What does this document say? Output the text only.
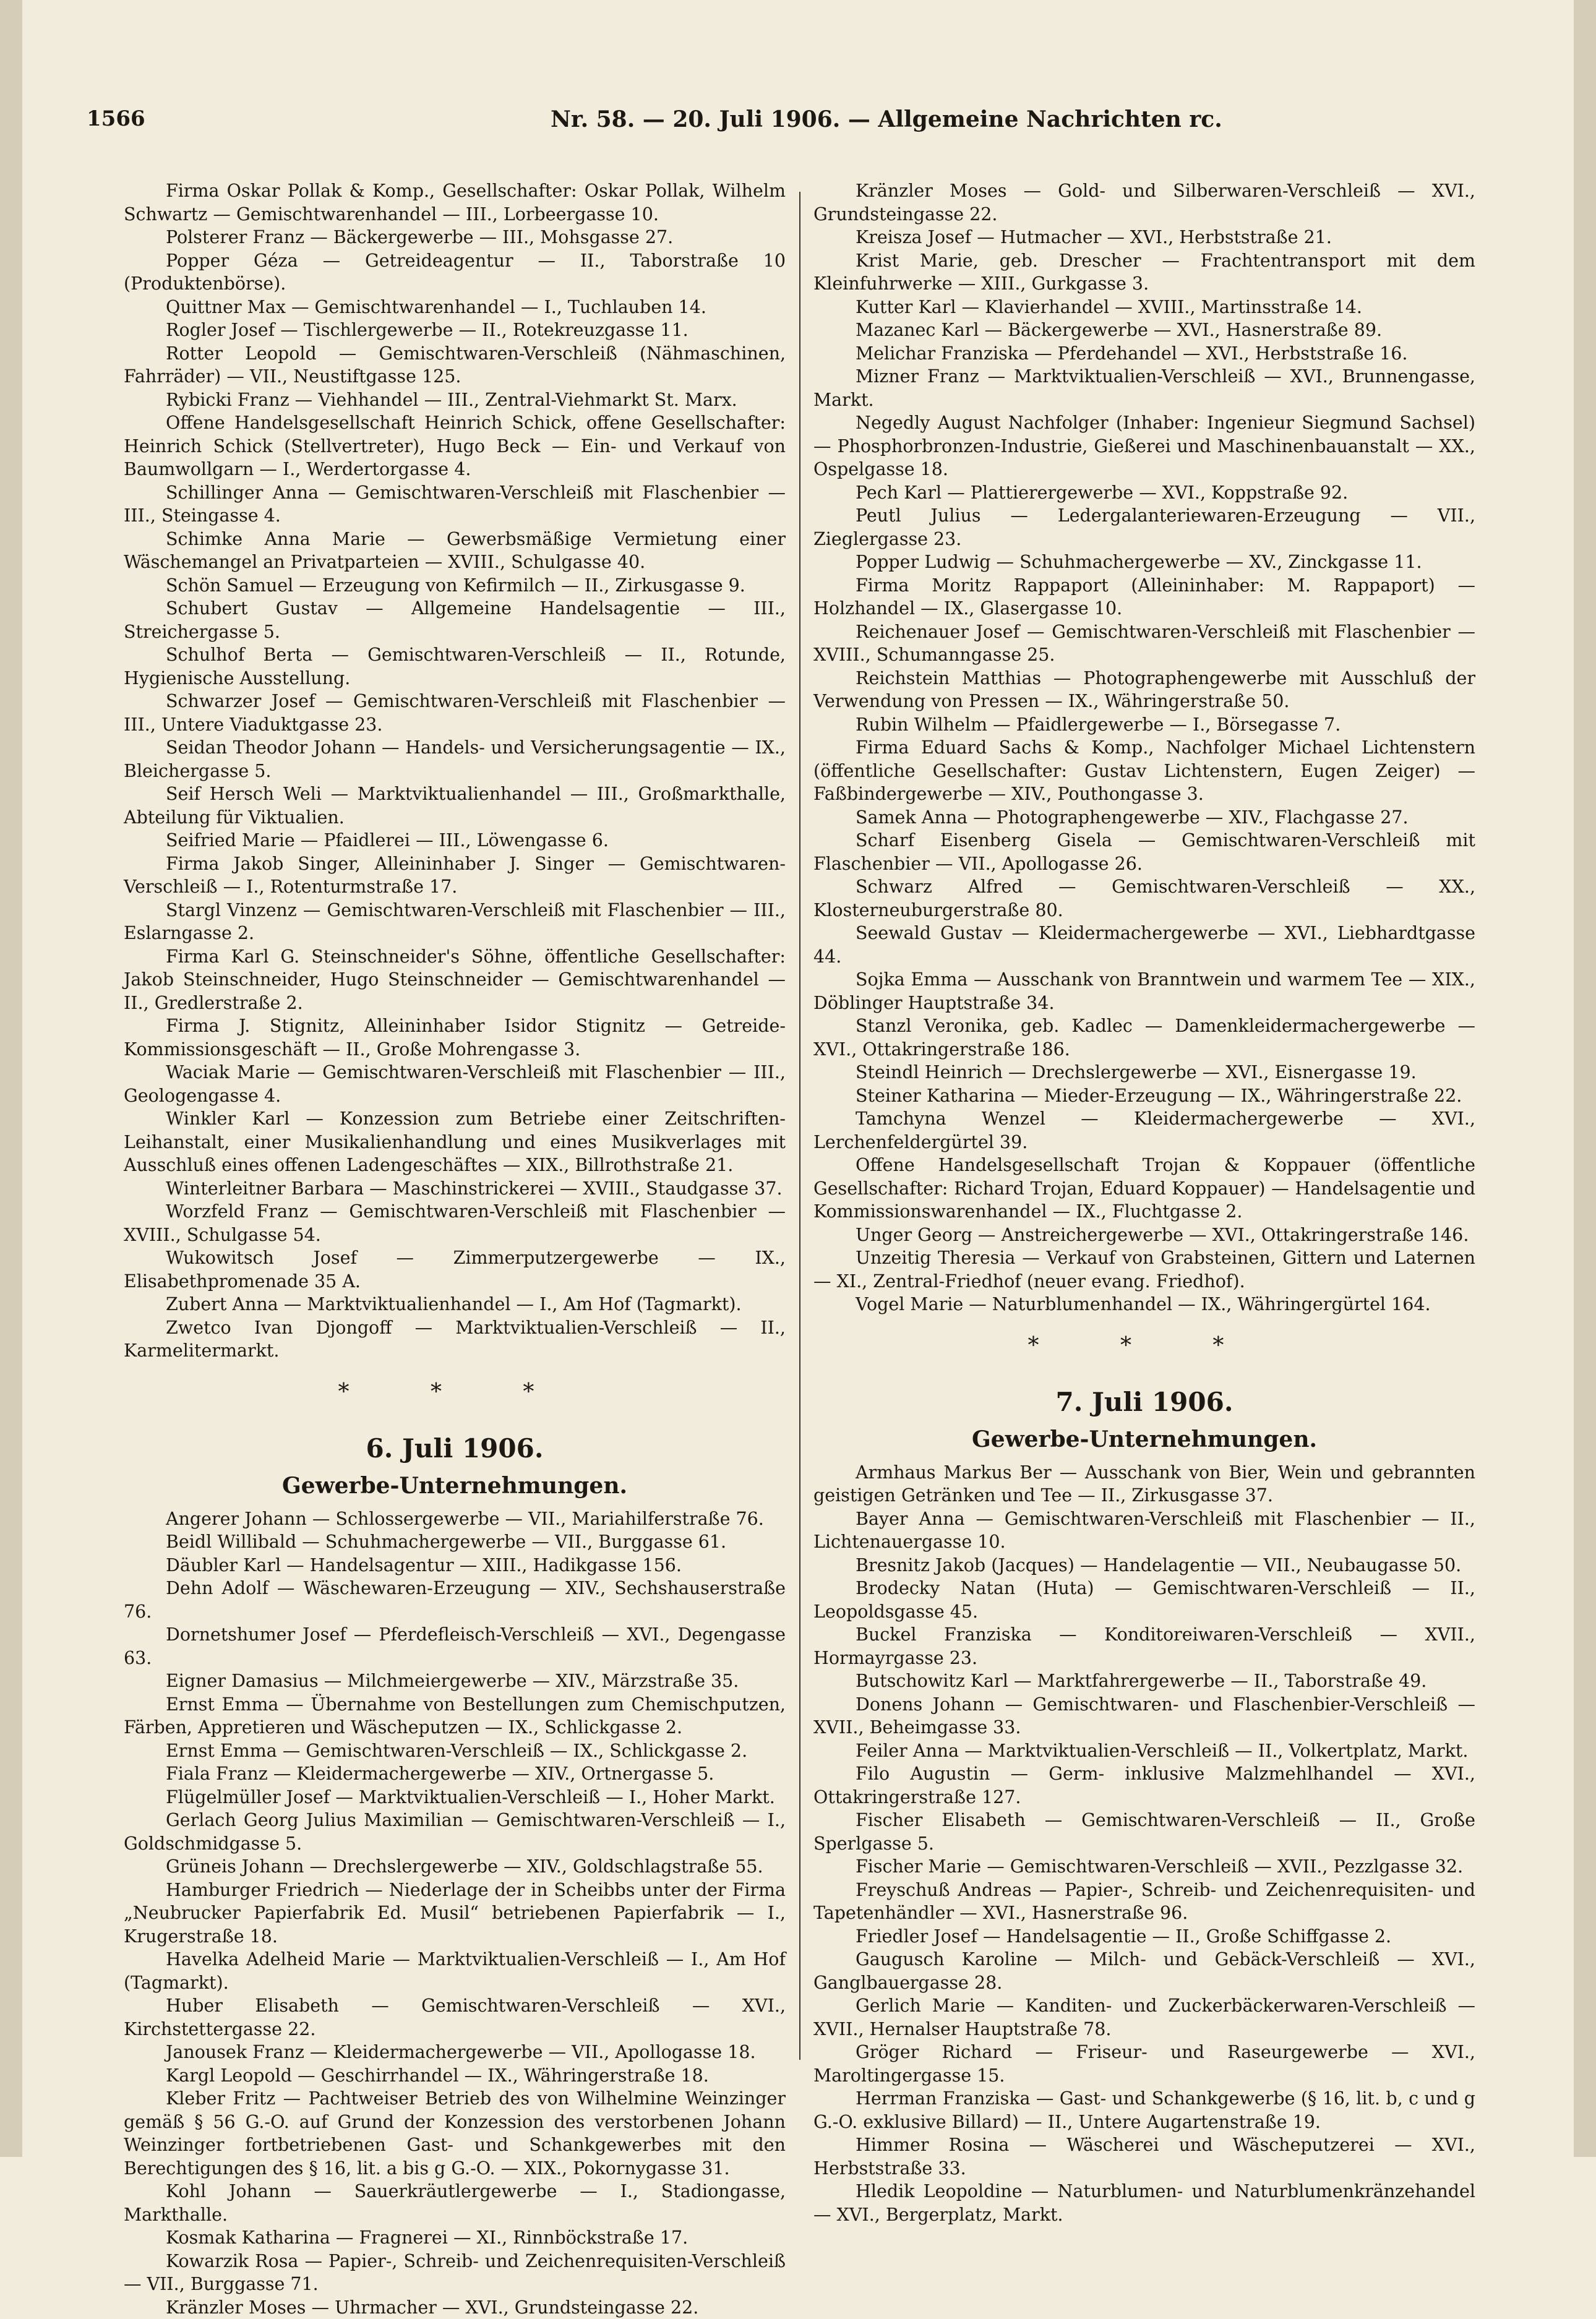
1566	Nr. 58. — 20. Juli 1906. — Allgemeine Nachrichten rc.

Firma Oskar Pollak & Komp., Gesellschafter: Oskar Pollak, Wilhelm Schwartz — Gemischtwarenhandel — III., Lorbeergasse 10.

Polsterer Franz — Bäckergewerbe — III., Mohsgasse 27.

Popper Géza — Getreideagentur — II., Taborstraße 10 (Produktenbörse).

Quittner Max — Gemischtwarenhandel — I., Tuchlauben 14.

Rogler Josef — Tischlergewerbe — II., Rotekreuzgasse 11.

Rotter Leopold — Gemischtwaren-Verschleiß (Nähmaschinen, Fahrräder) — VII., Neustiftgasse 125.

Rybicki Franz — Viehhandel — III., Zentral-Viehmarkt St. Marx.

Offene Handelsgesellschaft Heinrich Schick, offene Gesellschafter: Heinrich Schick (Stellvertreter), Hugo Beck — Ein- und Verkauf von Baumwollgarn — I., Werdertorgasse 4.

Schillinger Anna — Gemischtwaren-Verschleiß mit Flaschenbier — III., Steingasse 4.

Schimke Anna Marie — Gewerbsmäßige Vermietung einer Wäschemangel an Privatparteien — XVIII., Schulgasse 40.

Schön Samuel — Erzeugung von Kefirmilch — II., Zirkusgasse 9.

Schubert Gustav — Allgemeine Handelsagentie — III., Streichergasse 5.

Schulhof Berta — Gemischtwaren-Verschleiß — II., Rotunde, Hygienische Ausstellung.

Schwarzer Josef — Gemischtwaren-Verschleiß mit Flaschenbier — III., Untere Viaduktgasse 23.

Seidan Theodor Johann — Handels- und Versicherungsagentie — IX., Bleichergasse 5.

Seif Hersch Weli — Marktviktualienhandel — III., Großmarkthalle, Abteilung für Viktualien.

Seifried Marie — Pfaidlerei — III., Löwengasse 6.

Firma Jakob Singer, Alleininhaber J. Singer — Gemischtwaren-Verschleiß — I., Rotenturmstraße 17.

Stargl Vinzenz — Gemischtwaren-Verschleiß mit Flaschenbier — III., Eslarngasse 2.

Firma Karl G. Steinschneider's Söhne, öffentliche Gesellschafter: Jakob Steinschneider, Hugo Steinschneider — Gemischtwarenhandel — II., Gredlerstraße 2.

Firma J. Stignitz, Alleininhaber Isidor Stignitz — Getreide-Kommissionsgeschäft — II., Große Mohrengasse 3.

Waciak Marie — Gemischtwaren-Verschleiß mit Flaschenbier — III., Geologengasse 4.

Winkler Karl — Konzession zum Betriebe einer Zeitschriften-Leihanstalt, einer Musikalienhandlung und eines Musikverlages mit Ausschluß eines offenen Ladengeschäftes — XIX., Billrothstraße 21.

Winterleitner Barbara — Maschinstrickerei — XVIII., Staudgasse 37.

Worzfeld Franz — Gemischtwaren-Verschleiß mit Flaschenbier — XVIII., Schulgasse 54.

Wukowitsch Josef — Zimmerputzergewerbe — IX., Elisabethpromenade 35 A.

Zubert Anna — Marktviktualienhandel — I., Am Hof (Tagmarkt).

Zwetco Ivan Djongoff — Marktviktualien-Verschleiß — II., Karmelitermarkt.

* * *
6. Juli 1906.
Gewerbe-Unternehmungen.

Angerer Johann — Schlossergewerbe — VII., Mariahilferstraße 76.

Beidl Willibald — Schuhmachergewerbe — VII., Burggasse 61.

Däubler Karl — Handelsagentur — XIII., Hadikgasse 156.

Dehn Adolf — Wäschewaren-Erzeugung — XIV., Sechshauserstraße 76.

Dornetshumer Josef — Pferdefleisch-Verschleiß — XVI., Degengasse 63.

Eigner Damasius — Milchmeiergewerbe — XIV., Märzstraße 35.

Ernst Emma — Übernahme von Bestellungen zum Chemischputzen, Färben, Appretieren und Wäscheputzen — IX., Schlickgasse 2.

Ernst Emma — Gemischtwaren-Verschleiß — IX., Schlickgasse 2.

Fiala Franz — Kleidermachergewerbe — XIV., Ortnergasse 5.

Flügelmüller Josef — Marktviktualien-Verschleiß — I., Hoher Markt.

Gerlach Georg Julius Maximilian — Gemischtwaren-Verschleiß — I., Goldschmidgasse 5.

Grüneis Johann — Drechslergewerbe — XIV., Goldschlagstraße 55.

Hamburger Friedrich — Niederlage der in Scheibbs unter der Firma „Neubrucker Papierfabrik Ed. Musil“ betriebenen Papierfabrik — I., Krugerstraße 18.

Havelka Adelheid Marie — Marktviktualien-Verschleiß — I., Am Hof (Tagmarkt).

Huber Elisabeth — Gemischtwaren-Verschleiß — XVI., Kirchstettergasse 22.

Janousek Franz — Kleidermachergewerbe — VII., Apollogasse 18.

Kargl Leopold — Geschirrhandel — IX., Währingerstraße 18.

Kleber Fritz — Pachtweiser Betrieb des von Wilhelmine Weinzinger gemäß § 56 G.-O. auf Grund der Konzession des verstorbenen Johann Weinzinger fortbetriebenen Gast- und Schankgewerbes mit den Berechtigungen des § 16, lit. a bis g G.-O. — XIX., Pokornygasse 31.

Kohl Johann — Sauerkräutlergewerbe — I., Stadiongasse, Markthalle.

Kosmak Katharina — Fragnerei — XI., Rinnböckstraße 17.

Kowarzik Rosa — Papier-, Schreib- und Zeichenrequisiten-Verschleiß — VII., Burggasse 71.

Kränzler Moses — Uhrmacher — XVI., Grundsteingasse 22.

Kränzler Moses — Gold- und Silberwaren-Verschleiß — XVI., Grundsteingasse 22.

Kreisza Josef — Hutmacher — XVI., Herbststraße 21.

Krist Marie, geb. Drescher — Frachtentransport mit dem Kleinfuhrwerke — XIII., Gurkgasse 3.

Kutter Karl — Klavierhandel — XVIII., Martinsstraße 14.

Mazanec Karl — Bäckergewerbe — XVI., Hasnerstraße 89.

Melichar Franziska — Pferdehandel — XVI., Herbststraße 16.

Mizner Franz — Marktviktualien-Verschleiß — XVI., Brunnengasse, Markt.

Negedly August Nachfolger (Inhaber: Ingenieur Siegmund Sachsel) — Phosphorbronzen-Industrie, Gießerei und Maschinenbauanstalt — XX., Ospelgasse 18.

Pech Karl — Plattierergewerbe — XVI., Koppstraße 92.

Peutl Julius — Ledergalanteriewaren-Erzeugung — VII., Zieglergasse 23.

Popper Ludwig — Schuhmachergewerbe — XV., Zinckgasse 11.

Firma Moritz Rappaport (Alleininhaber: M. Rappaport) — Holzhandel — IX., Glasergasse 10.

Reichenauer Josef — Gemischtwaren-Verschleiß mit Flaschenbier — XVIII., Schumanngasse 25.

Reichstein Matthias — Photographengewerbe mit Ausschluß der Verwendung von Pressen — IX., Währingerstraße 50.

Rubin Wilhelm — Pfaidlergewerbe — I., Börsegasse 7.

Firma Eduard Sachs & Komp., Nachfolger Michael Lichtenstern (öffentliche Gesellschafter: Gustav Lichtenstern, Eugen Zeiger) — Faßbindergewerbe — XIV., Pouthongasse 3.

Samek Anna — Photographengewerbe — XIV., Flachgasse 27.

Scharf Eisenberg Gisela — Gemischtwaren-Verschleiß mit Flaschenbier — VII., Apollogasse 26.

Schwarz Alfred — Gemischtwaren-Verschleiß — XX., Klosterneuburgerstraße 80.

Seewald Gustav — Kleidermachergewerbe — XVI., Liebhardtgasse 44.

Sojka Emma — Ausschank von Branntwein und warmem Tee — XIX., Döblinger Hauptstraße 34.

Stanzl Veronika, geb. Kadlec — Damenkleidermachergewerbe — XVI., Ottakringerstraße 186.

Steindl Heinrich — Drechslergewerbe — XVI., Eisnergasse 19.

Steiner Katharina — Mieder-Erzeugung — IX., Währingerstraße 22.

Tamchyna Wenzel — Kleidermachergewerbe — XVI., Lerchenfeldergürtel 39.

Offene Handelsgesellschaft Trojan & Koppauer (öffentliche Gesellschafter: Richard Trojan, Eduard Koppauer) — Handelsagentie und Kommissionswarenhandel — IX., Fluchtgasse 2.

Unger Georg — Anstreichergewerbe — XVI., Ottakringerstraße 146.

Unzeitig Theresia — Verkauf von Grabsteinen, Gittern und Laternen — XI., Zentral-Friedhof (neuer evang. Friedhof).

Vogel Marie — Naturblumenhandel — IX., Währingergürtel 164.

* * *
7. Juli 1906.
Gewerbe-Unternehmungen.

Armhaus Markus Ber — Ausschank von Bier, Wein und gebrannten geistigen Getränken und Tee — II., Zirkusgasse 37.

Bayer Anna — Gemischtwaren-Verschleiß mit Flaschenbier — II., Lichtenauergasse 10.

Bresnitz Jakob (Jacques) — Handelagentie — VII., Neubaugasse 50.

Brodecky Natan (Huta) — Gemischtwaren-Verschleiß — II., Leopoldsgasse 45.

Buckel Franziska — Konditoreiwaren-Verschleiß — XVII., Hormayrgasse 23.

Butschowitz Karl — Marktfahrergewerbe — II., Taborstraße 49.

Donens Johann — Gemischtwaren- und Flaschenbier-Verschleiß — XVII., Beheimgasse 33.

Feiler Anna — Marktviktualien-Verschleiß — II., Volkertplatz, Markt.

Filo Augustin — Germ- inklusive Malzmehlhandel — XVI., Ottakringerstraße 127.

Fischer Elisabeth — Gemischtwaren-Verschleiß — II., Große Sperlgasse 5.

Fischer Marie — Gemischtwaren-Verschleiß — XVII., Pezzlgasse 32.

Freyschuß Andreas — Papier-, Schreib- und Zeichenrequisiten- und Tapetenhändler — XVI., Hasnerstraße 96.

Friedler Josef — Handelsagentie — II., Große Schiffgasse 2.

Gaugusch Karoline — Milch- und Gebäck-Verschleiß — XVI., Ganglbauergasse 28.

Gerlich Marie — Kanditen- und Zuckerbäckerwaren-Verschleiß — XVII., Hernalser Hauptstraße 78.

Gröger Richard — Friseur- und Raseurgewerbe — XVI., Maroltingergasse 15.

Herrman Franziska — Gast- und Schankgewerbe (§ 16, lit. b, c und g G.-O. exklusive Billard) — II., Untere Augartenstraße 19.

Himmer Rosina — Wäscherei und Wäscheputzerei — XVI., Herbststraße 33.

Hledik Leopoldine — Naturblumen- und Naturblumenkränzehandel — XVI., Bergerplatz, Markt.
